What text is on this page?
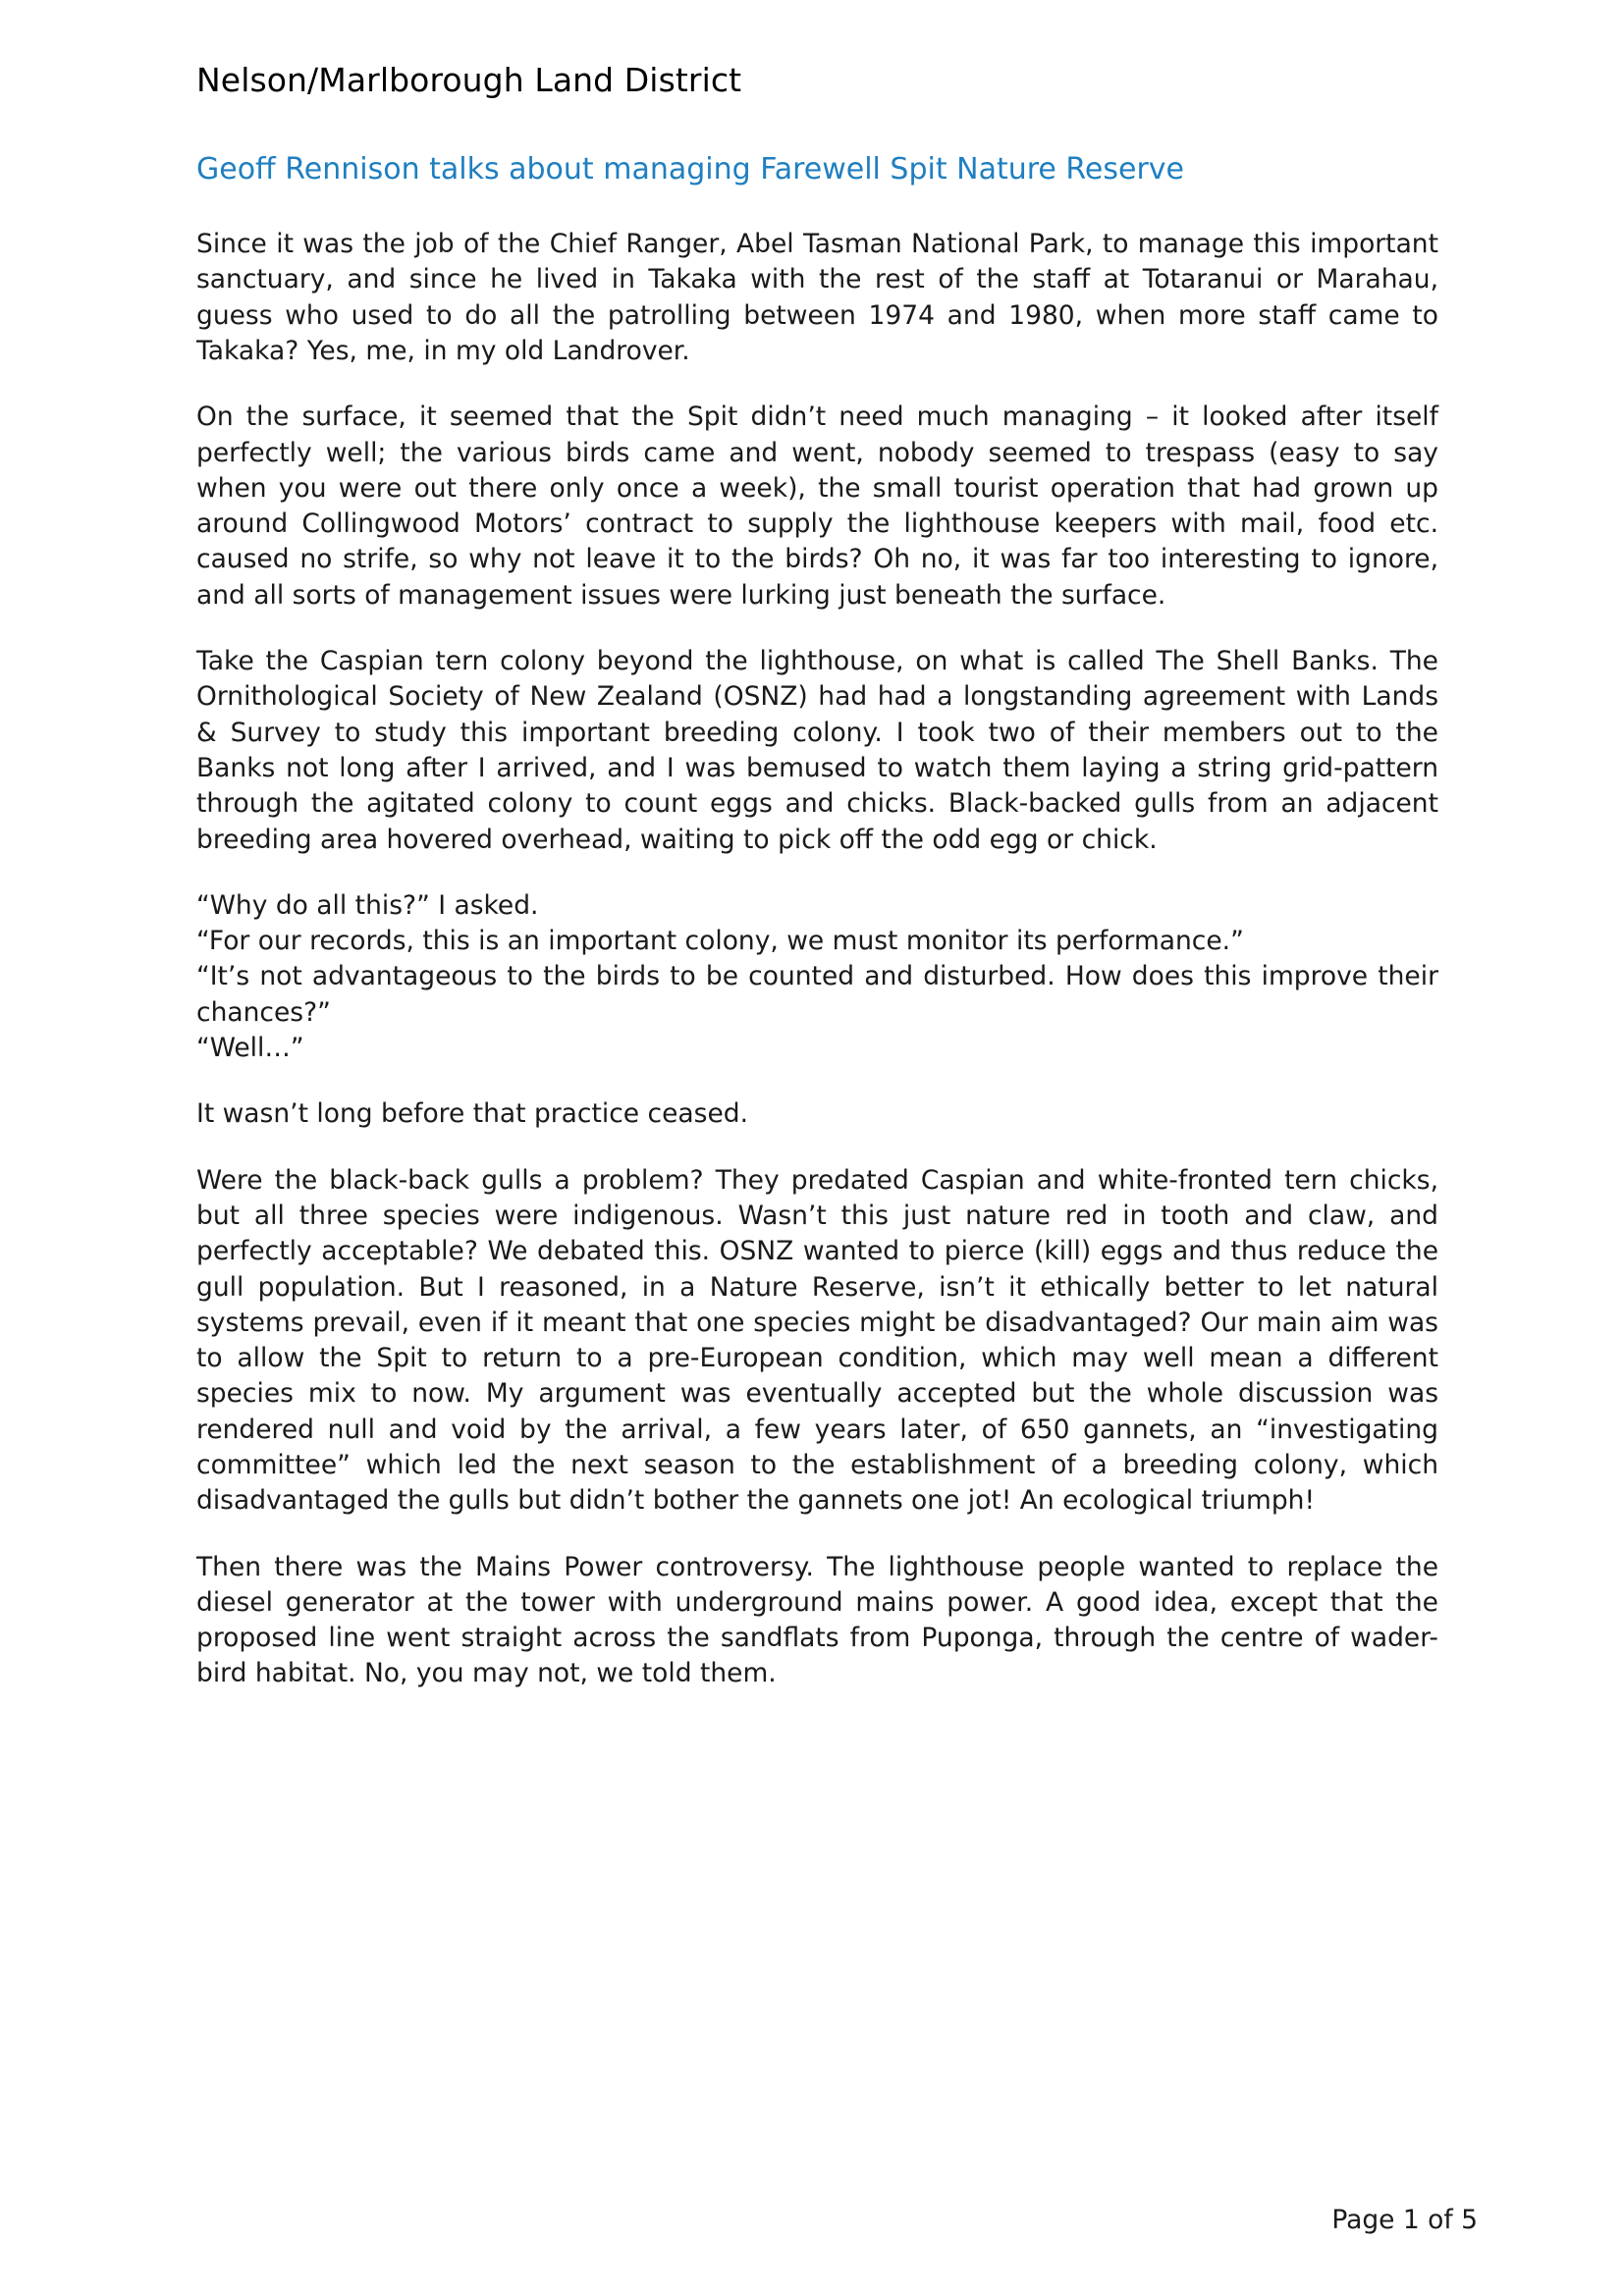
Nelson/Marlborough Land District
Geoff Rennison talks about managing Farewell Spit Nature Reserve

Since it was the job of the Chief Ranger, Abel Tasman National Park, to manage this important sanctuary, and since he lived in Takaka with the rest of the staff at Totaranui or Marahau, guess who used to do all the patrolling between 1974 and 1980, when more staff came to Takaka? Yes, me, in my old Landrover.

On the surface, it seemed that the Spit didn’t need much managing – it looked after itself perfectly well; the various birds came and went, nobody seemed to trespass (easy to say when you were out there only once a week), the small tourist operation that had grown up around Collingwood Motors’ contract to supply the lighthouse keepers with mail, food etc. caused no strife, so why not leave it to the birds? Oh no, it was far too interesting to ignore, and all sorts of management issues were lurking just beneath the surface.

Take the Caspian tern colony beyond the lighthouse, on what is called The Shell Banks. The Ornithological Society of New Zealand (OSNZ) had had a longstanding agreement with Lands & Survey to study this important breeding colony. I took two of their members out to the Banks not long after I arrived, and I was bemused to watch them laying a string grid-pattern through the agitated colony to count eggs and chicks. Black-backed gulls from an adjacent breeding area hovered overhead, waiting to pick off the odd egg or chick.

“Why do all this?” I asked.

“For our records, this is an important colony, we must monitor its performance.”

“It’s not advantageous to the birds to be counted and disturbed. How does this improve their chances?”

“Well…”

It wasn’t long before that practice ceased.

Were the black-back gulls a problem? They predated Caspian and white-fronted tern chicks, but all three species were indigenous. Wasn’t this just nature red in tooth and claw, and perfectly acceptable? We debated this. OSNZ wanted to pierce (kill) eggs and thus reduce the gull population. But I reasoned, in a Nature Reserve, isn’t it ethically better to let natural systems prevail, even if it meant that one species might be disadvantaged? Our main aim was to allow the Spit to return to a pre-European condition, which may well mean a different species mix to now. My argument was eventually accepted but the whole discussion was rendered null and void by the arrival, a few years later, of 650 gannets, an “investigating committee” which led the next season to the establishment of a breeding colony, which disadvantaged the gulls but didn’t bother the gannets one jot! An ecological triumph!

Then there was the Mains Power controversy. The lighthouse people wanted to replace the diesel generator at the tower with underground mains power. A good idea, except that the proposed line went straight across the sandflats from Puponga, through the centre of wader-bird habitat. No, you may not, we told them.

Page 1 of 5
